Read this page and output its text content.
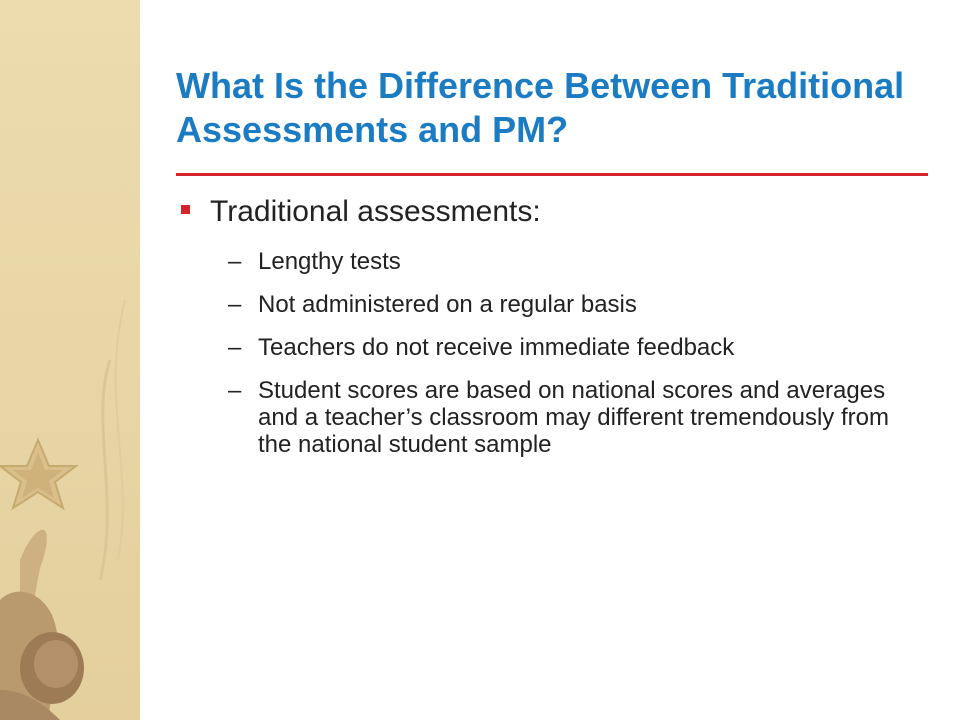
What Is the Difference Between Traditional Assessments and PM?
Traditional assessments:
– Lengthy tests
– Not administered on a regular basis
– Teachers do not receive immediate feedback
– Student scores are based on national scores and averages and a teacher’s classroom may different tremendously from the national student sample
